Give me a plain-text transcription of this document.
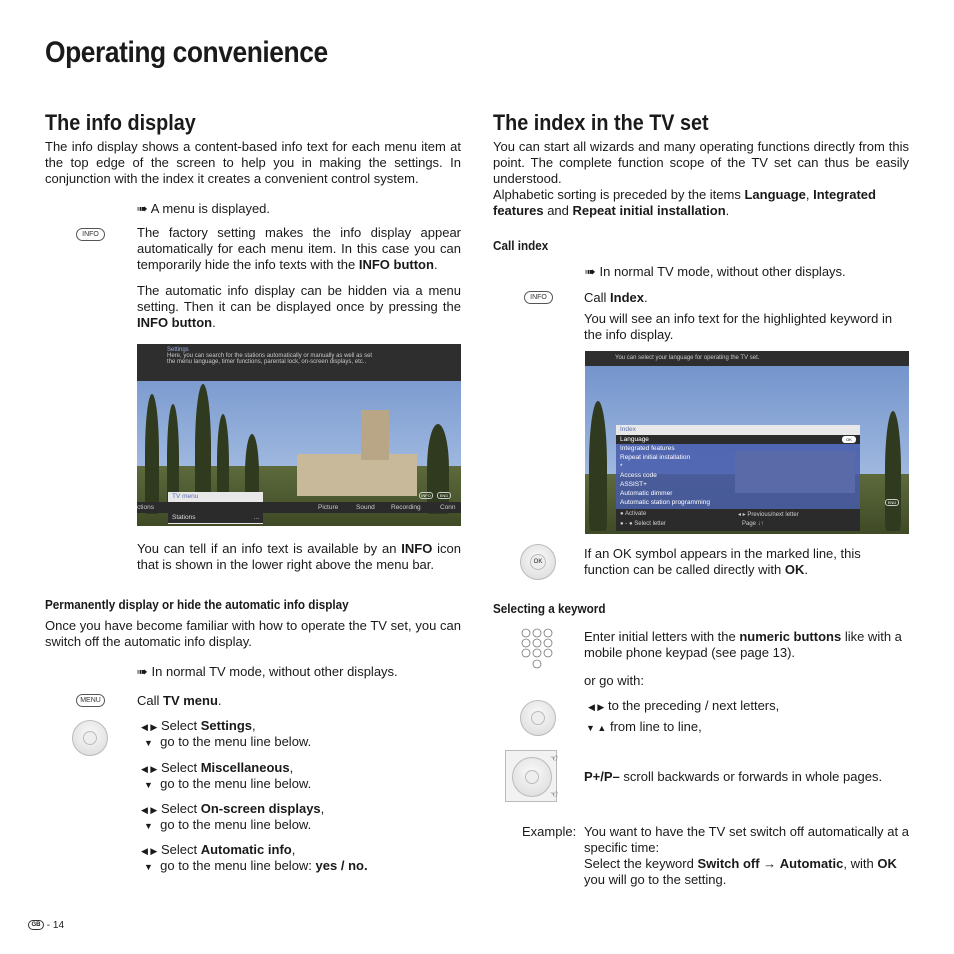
Operating convenience
The info display

The info display shows a content-based info text for each menu item at the top edge of the screen to help you in making the settings. In conjunction with the index it creates a convenient control system.

➠ A menu is displayed.
INFO	The factory setting makes the info display appear automatically for each menu item. In this case you can temporarily hide the info texts with the INFO button.

The automatic info display can be hidden via a menu setting. Then it can be displayed once by pressing the INFO button.

Settings
Here, you can search for the stations automatically or manually as well as set
the menu language, timer functions, parental lock, on-screen displays, etc..
INFO	END
TV menu
Stations	...
ctions	Picture	Sound Recording	Conn

You can tell if an info text is available by an INFO icon that is shown in the lower right above the menu bar.

Permanently display or hide the automatic info display

Once you have become familiar with how to operate the TV set, you can switch off the automatic info display.

➠ In normal TV mode, without other displays.
MENU	Call TV menu.
◀ ▶ Select Settings,
▼ go to the menu line below.
◀ ▶ Select Miscellaneous,
▼ go to the menu line below.
◀ ▶ Select On-screen displays,
▼ go to the menu line below.
◀ ▶ Select Automatic info,
▼ go to the menu line below: yes / no.
The index in the TV set

You can start all wizards and many operating functions directly from this point. The complete function scope of the TV set can thus be easily understood.

Alphabetic sorting is preceded by the items Language, Integrated features and Repeat initial installation.

Call index
➠ In normal TV mode, without other displays.
INFO	Call Index.

You will see an info text for the highlighted keyword in the info display.

You can select your language for operating the TV set.
Index
Language	OK
Integrated features
Repeat initial installation
*
Access code
ASSIST+
Automatic dimmer
Automatic station programming	END
● Activate	◂ ▸ Previous/next letter
● - ● Select letter	Page ↓↑
OK

If an OK symbol appears in the marked line, this function can be called directly with OK.

Selecting a keyword

Enter initial letters with the numeric buttons like with a mobile phone keypad (see page 13).

or go with:
◀ ▶ to the preceding / next letters,
▼ ▲ from line to line,
☜
☜
P+/P– scroll backwards or forwards in whole pages.
Example: You want to have the TV set switch off automatically at a specific time:

Select the keyword Switch off → Automatic, with OK you will go to the setting.

GB - 14
